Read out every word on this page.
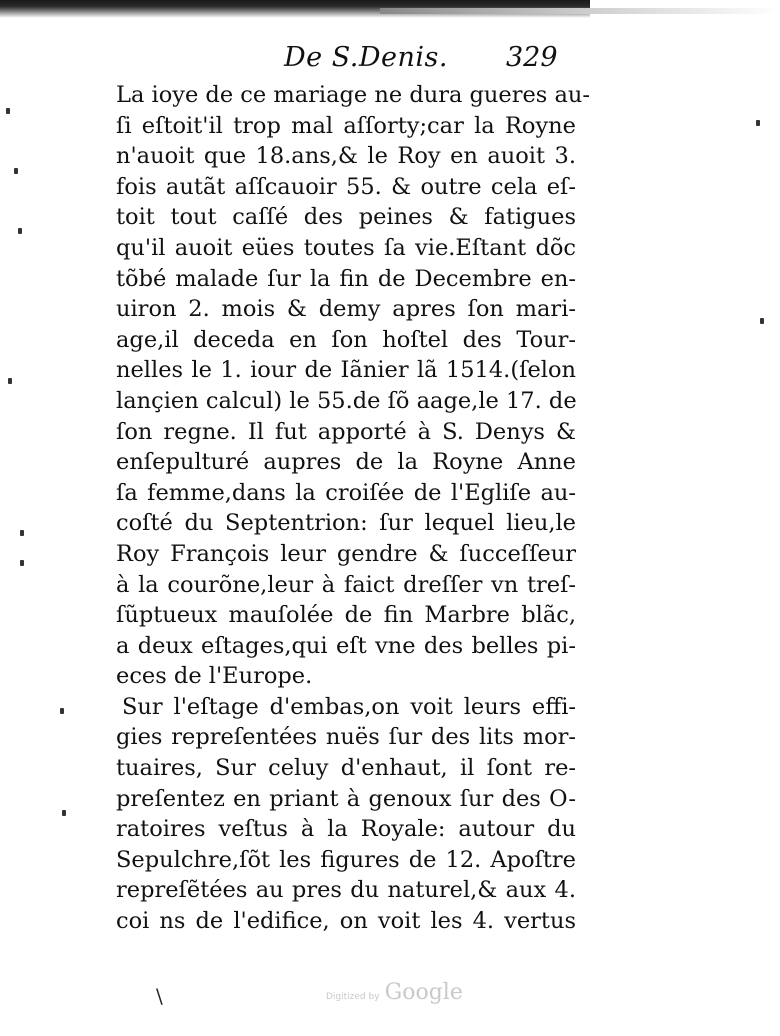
De S.Denis. 329
La ioye de ce mariage ne dura gueres au-
ſi eſtoit'il trop mal aſſorty;car la Royne
n'auoit que 18.ans,& le Roy en auoit 3.
fois autãt aſſcauoir 55. & outre cela eſ-
toit tout caſſé des peines & fatigues
qu'il auoit eües toutes ſa vie.Eſtant dõc
tõbé malade ſur la fin de Decembre en-
uiron 2. mois & demy apres ſon mari-
age,il deceda en ſon hoſtel des Tour-
nelles le 1. iour de Iãnier lã 1514.(ſelon
lançien calcul) le 55.de ſõ aage,le 17. de
ſon regne. Il fut apporté à S. Denys &
enſepulturé aupres de la Royne Anne
ſa femme,dans la croiſée de l'Egliſe au-
coſté du Septentrion: ſur lequel lieu,le
Roy François leur gendre & ſucceſſeur
à la courõne,leur à faict dreſſer vn treſ-
ſũptueux mauſolée de fin Marbre blãc,
a deux eſtages,qui eſt vne des belles pi-
eces de l'Europe.
Sur l'eſtage d'embas,on voit leurs effi-
gies repreſentées nuës ſur des lits mor-
tuaires, Sur celuy d'enhaut, il ſont re-
preſentez en priant à genoux ſur des O-
ratoires veſtus à la Royale: autour du
Sepulchre,ſõt les figures de 12. Apoſtre
repreſẽtées au pres du naturel,& aux 4.
coi ns de l'edifice, on voit les 4. vertus
\	Digitized by Google
